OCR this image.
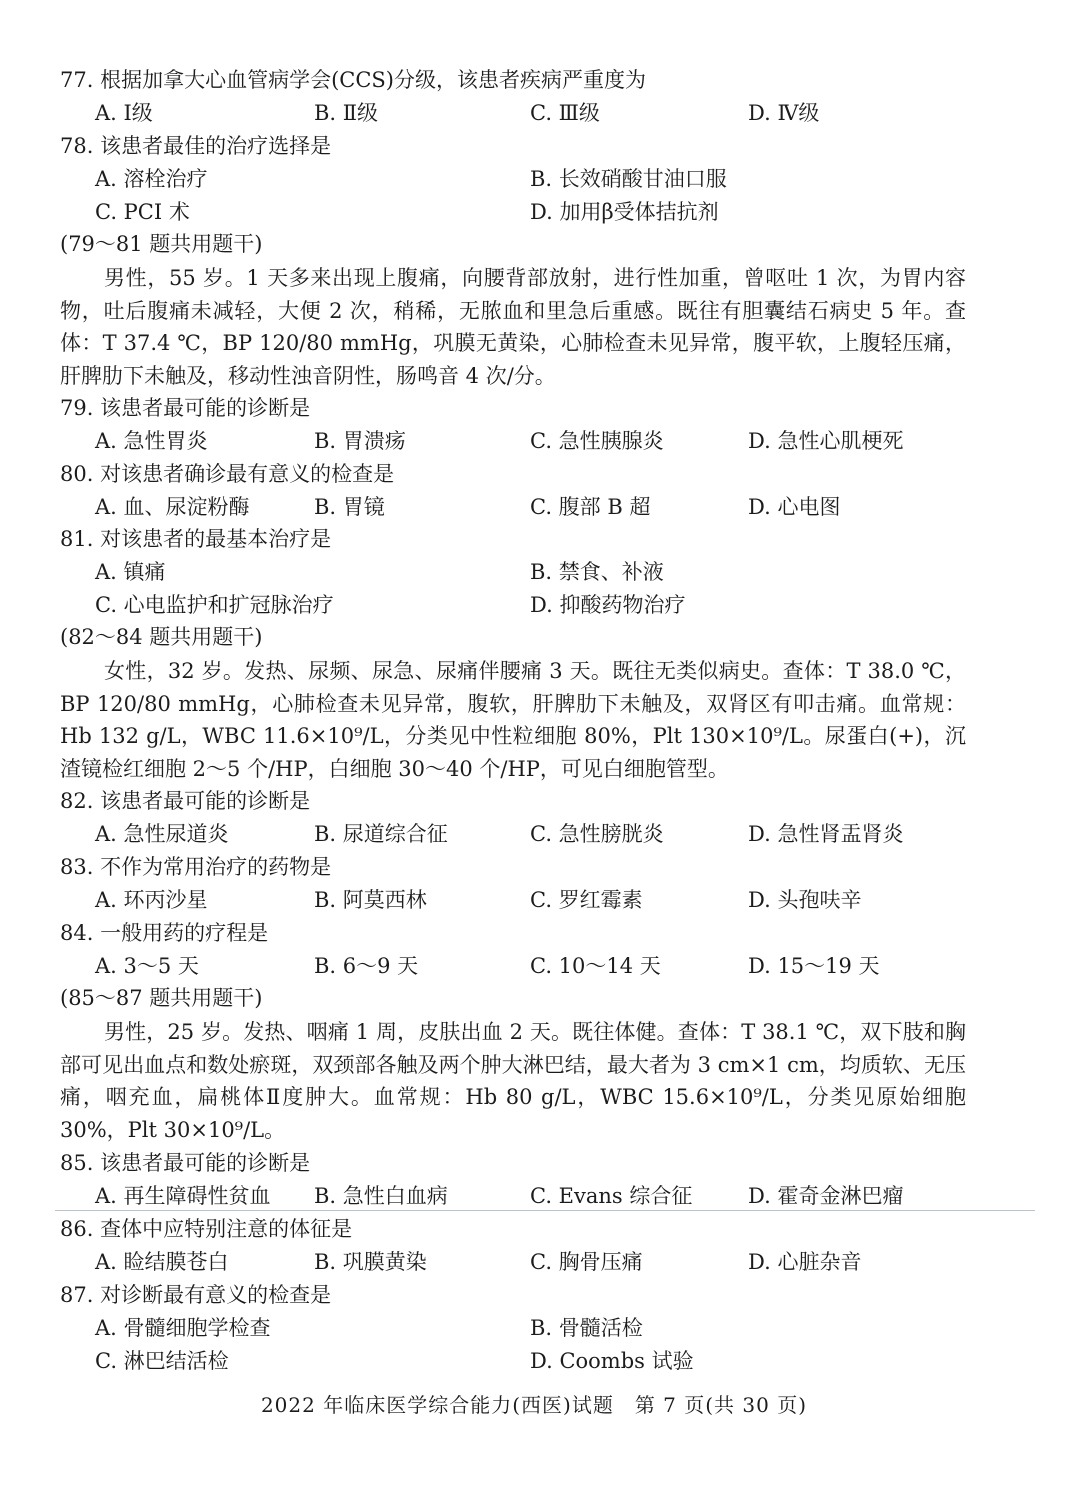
77. 根据加拿大心血管病学会(CCS)分级，该患者疾病严重度为
A. Ⅰ级	B. Ⅱ级	C. Ⅲ级	D. Ⅳ级
78. 该患者最佳的治疗选择是
A. 溶栓治疗	B. 长效硝酸甘油口服
C. PCI 术	D. 加用β受体拮抗剂
(79～81 题共用题干)

男性，55 岁。1 天多来出现上腹痛，向腰背部放射，进行性加重，曾呕吐 1 次，为胃内容物，吐后腹痛未减轻，大便 2 次，稍稀，无脓血和里急后重感。既往有胆囊结石病史 5 年。查体：T 37.4 ℃，BP 120/80 mmHg，巩膜无黄染，心肺检查未见异常，腹平软，上腹轻压痛，肝脾肋下未触及，移动性浊音阴性，肠鸣音 4 次/分。

79. 该患者最可能的诊断是
A. 急性胃炎	B. 胃溃疡	C. 急性胰腺炎	D. 急性心肌梗死
80. 对该患者确诊最有意义的检查是
A. 血、尿淀粉酶	B. 胃镜	C. 腹部 B 超	D. 心电图
81. 对该患者的最基本治疗是
A. 镇痛	B. 禁食、补液
C. 心电监护和扩冠脉治疗	D. 抑酸药物治疗
(82～84 题共用题干)

女性，32 岁。发热、尿频、尿急、尿痛伴腰痛 3 天。既往无类似病史。查体：T 38.0 ℃，BP 120/80 mmHg，心肺检查未见异常，腹软，肝脾肋下未触及，双肾区有叩击痛。血常规：Hb 132 g/L，WBC 11.6×10⁹/L，分类见中性粒细胞 80%，Plt 130×10⁹/L。尿蛋白(+)，沉渣镜检红细胞 2～5 个/HP，白细胞 30～40 个/HP，可见白细胞管型。

82. 该患者最可能的诊断是
A. 急性尿道炎	B. 尿道综合征	C. 急性膀胱炎	D. 急性肾盂肾炎
83. 不作为常用治疗的药物是
A. 环丙沙星	B. 阿莫西林	C. 罗红霉素	D. 头孢呋辛
84. 一般用药的疗程是
A. 3～5 天	B. 6～9 天	C. 10～14 天	D. 15～19 天
(85～87 题共用题干)

男性，25 岁。发热、咽痛 1 周，皮肤出血 2 天。既往体健。查体：T 38.1 ℃，双下肢和胸部可见出血点和数处瘀斑，双颈部各触及两个肿大淋巴结，最大者为 3 cm×1 cm，均质软、无压痛，咽充血，扁桃体Ⅱ度肿大。血常规：Hb 80 g/L，WBC 15.6×10⁹/L，分类见原始细胞 30%，Plt 30×10⁹/L。

85. 该患者最可能的诊断是
A. 再生障碍性贫血 B. 急性白血病	C. Evans 综合征	D. 霍奇金淋巴瘤
86. 查体中应特别注意的体征是
A. 睑结膜苍白	B. 巩膜黄染	C. 胸骨压痛	D. 心脏杂音
87. 对诊断最有意义的检查是
A. 骨髓细胞学检查	B. 骨髓活检
C. 淋巴结活检	D. Coombs 试验
2022 年临床医学综合能力(西医)试题　第 7 页(共 30 页)
